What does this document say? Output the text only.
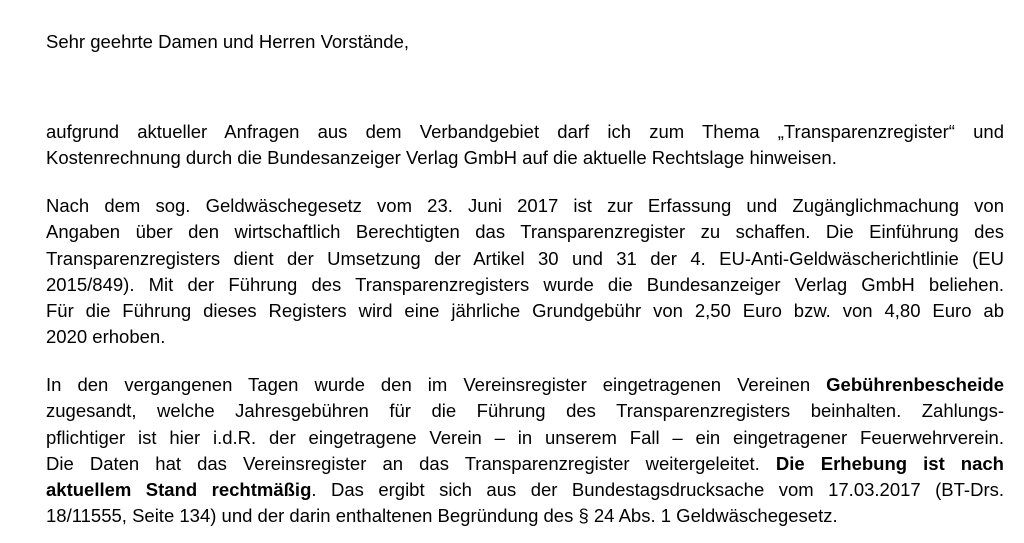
Sehr geehrte Damen und Herren Vorstände,

aufgrund aktueller Anfragen aus dem Verbandgebiet darf ich zum Thema „Transparenzregister“ und
Kostenrechnung durch die Bundesanzeiger Verlag GmbH auf die aktuelle Rechtslage hinweisen.

Nach dem sog. Geldwäschegesetz vom 23. Juni 2017 ist zur Erfassung und Zugänglichmachung von
Angaben über den wirtschaftlich Berechtigten das Transparenzregister zu schaffen. Die Einführung des
Transparenzregisters dient der Umsetzung der Artikel 30 und 31 der 4. EU-Anti-Geldwäscherichtlinie (EU
2015/849). Mit der Führung des Transparenzregisters wurde die Bundesanzeiger Verlag GmbH beliehen.
Für die Führung dieses Registers wird eine jährliche Grundgebühr von 2,50 Euro bzw. von 4,80 Euro ab
2020 erhoben.

In den vergangenen Tagen wurde den im Vereinsregister eingetragenen Vereinen Gebührenbescheide
zugesandt, welche Jahresgebühren für die Führung des Transparenzregisters beinhalten. Zahlungs-
pflichtiger ist hier i.d.R. der eingetragene Verein – in unserem Fall – ein eingetragener Feuerwehrverein.
Die Daten hat das Vereinsregister an das Transparenzregister weitergeleitet. Die Erhebung ist nach
aktuellem Stand rechtmäßig. Das ergibt sich aus der Bundestagsdrucksache vom 17.03.2017 (BT-Drs.
18/11555, Seite 134) und der darin enthaltenen Begründung des § 24 Abs. 1 Geldwäschegesetz.
